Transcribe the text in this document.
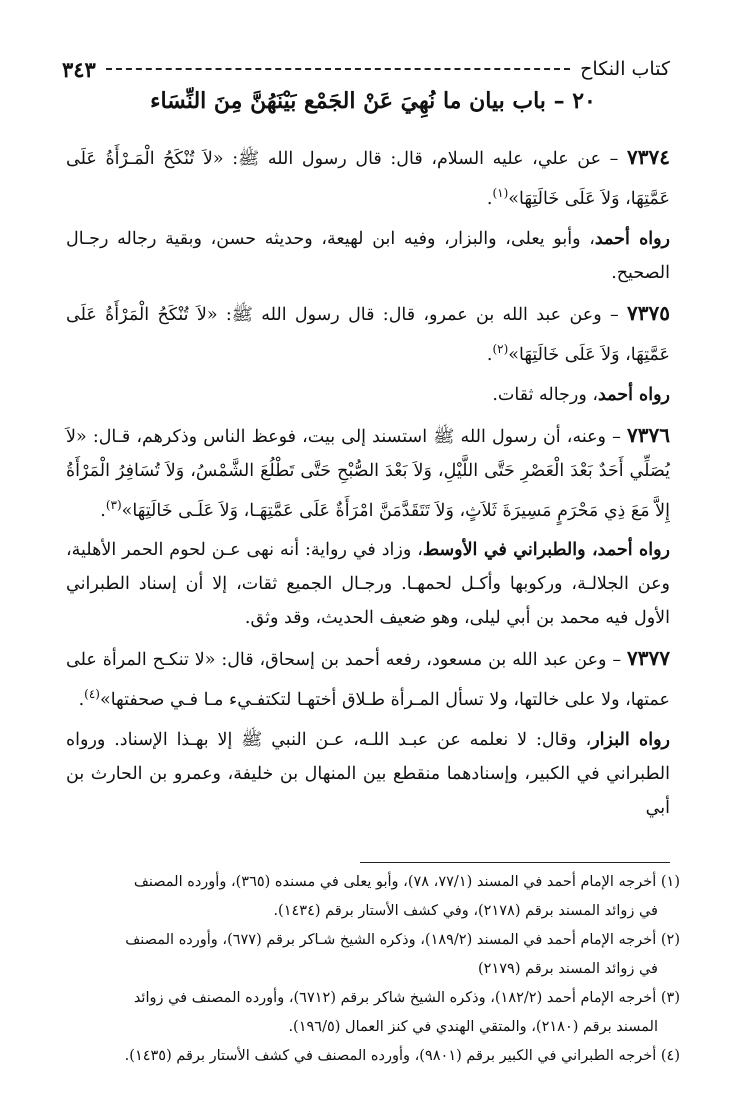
كتاب النكاح
٣٤٣
٢٠ – باب بيان ما نُهِيَ عَنْ الجَمْع بَيْنَهُنَّ مِنَ النِّسَاء

٧٣٧٤ – عن علي، عليه السلام، قال: قال رسول الله ﷺ: «لاَ تُنْكَحُ الْمَـرْأَةُ عَلَى عَمَّتِهَا، وَلاَ عَلَى خَالَتِهَا»$^{(١)}$.

رواه أحمد، وأبو يعلى، والبزار، وفيه ابن لهيعة، وحديثه حسن، وبقية رجاله رجـال الصحيح.

٧٣٧٥ – وعن عبد الله بن عمرو، قال: قال رسول الله ﷺ: «لاَ تُنْكَحُ الْمَرْأَةُ عَلَى عَمَّتِهَا، وَلاَ عَلَى خَالَتِهَا»$^{(٢)}$.

رواه أحمد، ورجاله ثقات.

٧٣٧٦ – وعنه، أن رسول الله ﷺ استسند إلى بيت، فوعظ الناس وذكرهم، قـال: «لاَ يُصَلِّي أَحَدٌ بَعْدَ الْعَصْرِ حَتَّى اللَّيْلِ، وَلاَ بَعْدَ الصُّبْحِ حَتَّى تَطْلُعَ الشَّمْسُ، وَلاَ تُسَافِرُ الْمَرْأَةُ إِلاَّ مَعَ ذِي مَحْرَمٍ مَسِيرَةَ ثَلاَثٍ، وَلاَ تَتَقَدَّمَنَّ امْرَأَةٌ عَلَى عَمَّتِهَـا، وَلاَ عَلَـى خَالَتِهَا»$^{(٣)}$.

رواه أحمد، والطبراني في الأوسط، وزاد في رواية: أنه نهى عـن لحوم الحمر الأهلية، وعن الجلالـة، وركوبها وأكـل لحمهـا. ورجـال الجميع ثقات، إلا أن إسناد الطبراني الأول فيه محمد بن أبي ليلى، وهو ضعيف الحديث، وقد وثق.

٧٣٧٧ – وعن عبد الله بن مسعود، رفعه أحمد بن إسحاق، قال: «لا تنكـح المرأة على عمتها، ولا على خالتها، ولا تسأل المـرأة طـلاق أختهـا لتكتفـيء مـا فـي صحفتها»$^{(٤)}$.

رواه البزار، وقال: لا نعلمه عن عبـد اللـه، عـن النبي ﷺ إلا بهـذا الإسناد. ورواه الطبراني في الكبير، وإسنادهما منقطع بين المنهال بن خليفة، وعمرو بن الحارث بن أبي

(١) أخرجه الإمام أحمد في المسند (٧٧/١، ٧٨)، وأبو يعلى في مسنده (٣٦٥)، وأورده المصنف
في زوائد المسند برقم (٢١٧٨)، وفي كشف الأستار برقم (١٤٣٤).

(٢) أخرجه الإمام أحمد في المسند (١٨٩/٢)، وذكره الشيخ شـاكر برقم (٦٧٧)، وأورده المصنف
في زوائد المسند برقم (٢١٧٩)

(٣) أخرجه الإمام أحمد (١٨٢/٢)، وذكره الشيخ شاكر برقم (٦٧١٢)، وأورده المصنف في زوائد
المسند برقم (٢١٨٠)، والمتقي الهندي في كنز العمال (١٩٦/٥).

(٤) أخرجه الطبراني في الكبير برقم (٩٨٠١)، وأورده المصنف في كشف الأستار برقم (١٤٣٥).
